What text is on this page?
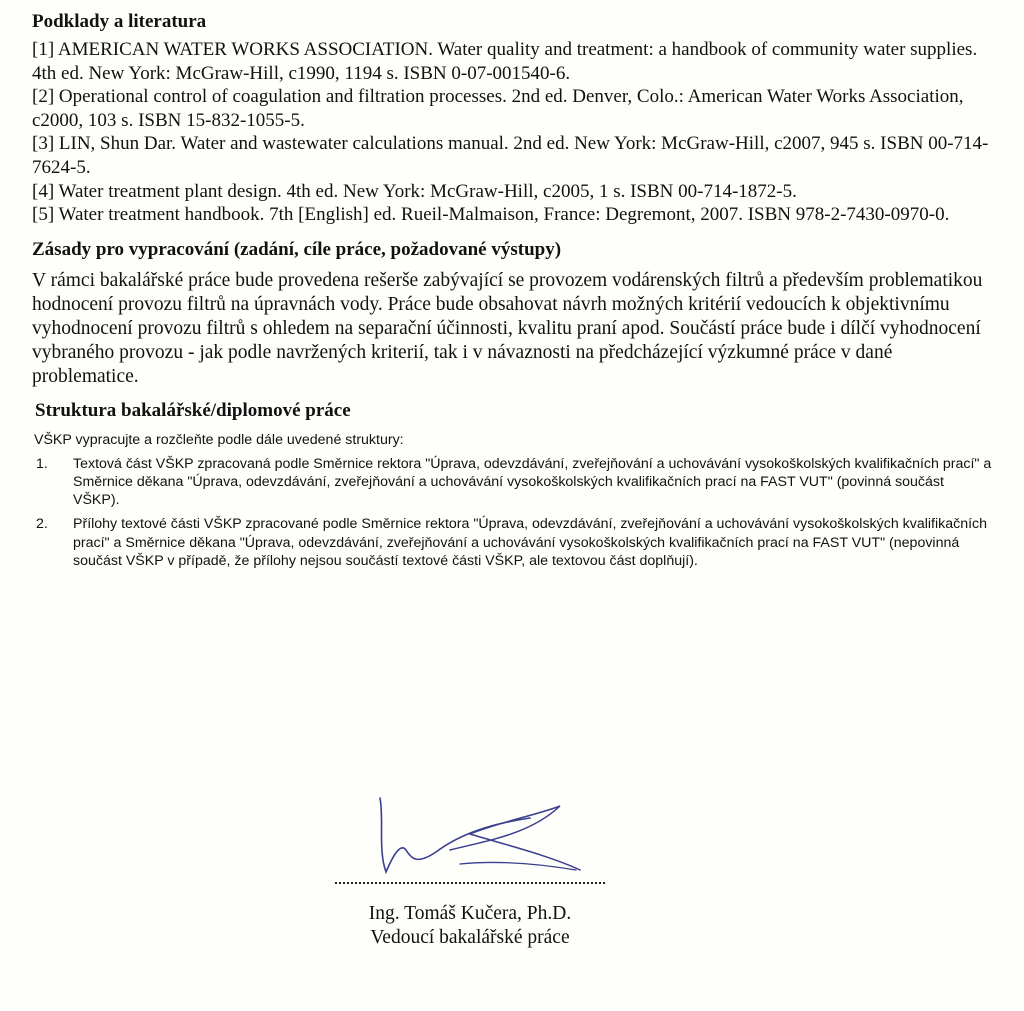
Podklady a literatura

[1] AMERICAN WATER WORKS ASSOCIATION. Water quality and treatment: a handbook of community water supplies. 4th ed. New York: McGraw-Hill, c1990, 1194 s. ISBN 0-07-001540-6.

[2] Operational control of coagulation and filtration processes. 2nd ed. Denver, Colo.: American Water Works Association, c2000, 103 s. ISBN 15-832-1055-5.

[3] LIN, Shun Dar. Water and wastewater calculations manual. 2nd ed. New York: McGraw-Hill, c2007, 945 s. ISBN 00-714-7624-5.

[4] Water treatment plant design. 4th ed. New York: McGraw-Hill, c2005, 1 s. ISBN 00-714-1872-5.

[5] Water treatment handbook. 7th [English] ed. Rueil-Malmaison, France: Degremont, 2007. ISBN 978-2-7430-0970-0.

Zásady pro vypracování (zadání, cíle práce, požadované výstupy)

V rámci bakalářské práce bude provedena rešerše zabývající se provozem vodárenských filtrů a především problematikou hodnocení provozu filtrů na úpravnách vody. Práce bude obsahovat návrh možných kritérií vedoucích k objektivnímu vyhodnocení provozu filtrů s ohledem na separační účinnosti, kvalitu praní apod. Součástí práce bude i dílčí vyhodnocení vybraného provozu - jak podle navržených kriterií, tak i v návaznosti na předcházející výzkumné práce v dané problematice.

Struktura bakalářské/diplomové práce
VŠKP vypracujte a rozčleňte podle dále uvedené struktury:
1. Textová část VŠKP zpracovaná podle Směrnice rektora "Úprava, odevzdávání, zveřejňování a uchovávání vysokoškolských kvalifikačních prací" a Směrnice děkana "Úprava, odevzdávání, zveřejňování a uchovávání vysokoškolských kvalifikačních prací na FAST VUT" (povinná součást VŠKP).
2. Přílohy textové části VŠKP zpracované podle Směrnice rektora "Úprava, odevzdávání, zveřejňování a uchovávání vysokoškolských kvalifikačních prací" a Směrnice děkana "Úprava, odevzdávání, zveřejňování a uchovávání vysokoškolských kvalifikačních prací na FAST VUT" (nepovinná součást VŠKP v případě, že přílohy nejsou součástí textové části VŠKP, ale textovou část doplňují).
Ing. Tomáš Kučera, Ph.D.
Vedoucí bakalářské práce
